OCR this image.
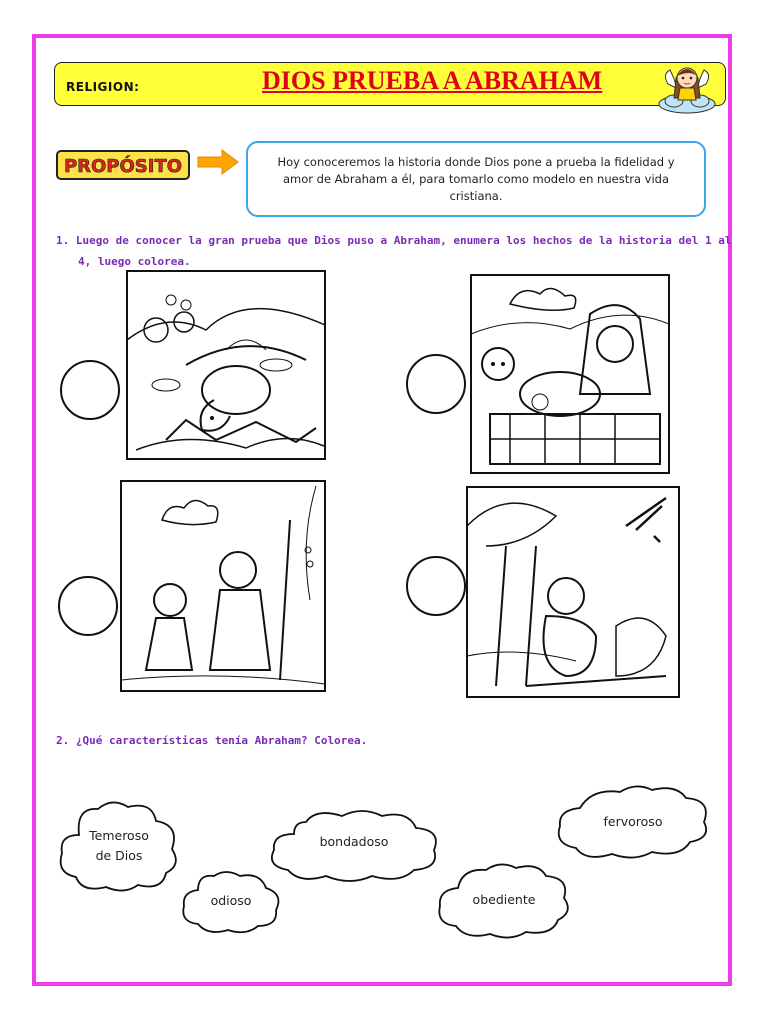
RELIGION:	DIOS PRUEBA A ABRAHAM
PROPÓSITO	Hoy conoceremos la historia donde Dios pone a prueba la fidelidad y amor de Abraham a él, para tomarlo como modelo en nuestra vida cristiana.
1. Luego de conocer la gran prueba que Dios puso a Abraham, enumera los hechos de la historia del 1 al
4, luego colorea.
2. ¿Qué características tenía Abraham? Colorea.
Temeroso
de Dios
bondadoso
odioso	obediente
fervoroso
